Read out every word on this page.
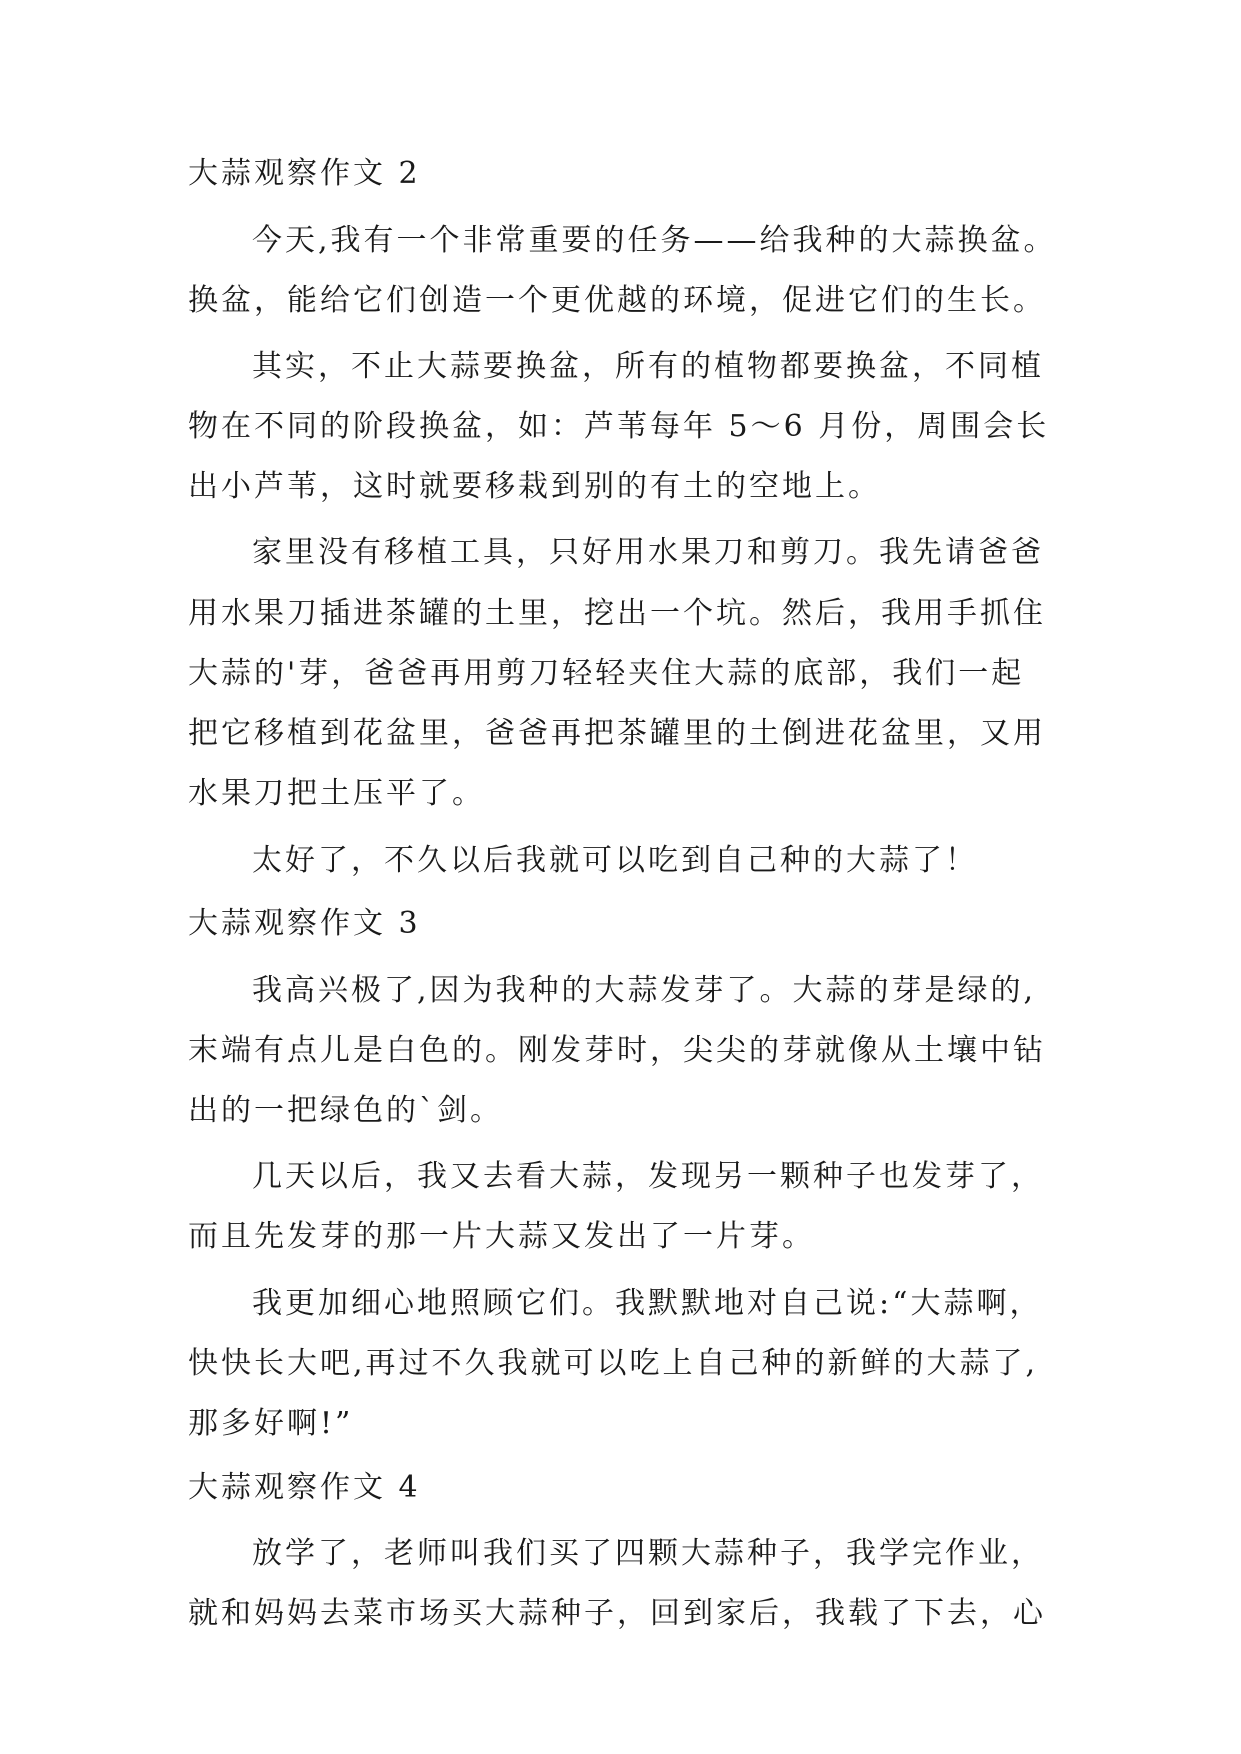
大蒜观察作文 2
今天,我有一个非常重要的任务——给我种的大蒜换盆。
换盆，能给它们创造一个更优越的环境，促进它们的生长。
其实，不止大蒜要换盆，所有的植物都要换盆，不同植
物在不同的阶段换盆，如：芦苇每年 5～6 月份，周围会长
出小芦苇，这时就要移栽到别的有土的空地上。
家里没有移植工具，只好用水果刀和剪刀。我先请爸爸
用水果刀插进茶罐的土里，挖出一个坑。然后，我用手抓住
大蒜的'芽，爸爸再用剪刀轻轻夹住大蒜的底部，我们一起
把它移植到花盆里，爸爸再把茶罐里的土倒进花盆里，又用
水果刀把土压平了。
太好了，不久以后我就可以吃到自己种的大蒜了！
大蒜观察作文 3
我高兴极了,因为我种的大蒜发芽了。大蒜的芽是绿的,
末端有点儿是白色的。刚发芽时，尖尖的芽就像从土壤中钻
出的一把绿色的`剑。
几天以后，我又去看大蒜，发现另一颗种子也发芽了，
而且先发芽的那一片大蒜又发出了一片芽。
我更加细心地照顾它们。我默默地对自己说:“大蒜啊，
快快长大吧,再过不久我就可以吃上自己种的新鲜的大蒜了,
那多好啊!”
大蒜观察作文 4
放学了，老师叫我们买了四颗大蒜种子，我学完作业，
就和妈妈去菜市场买大蒜种子，回到家后，我载了下去，心
